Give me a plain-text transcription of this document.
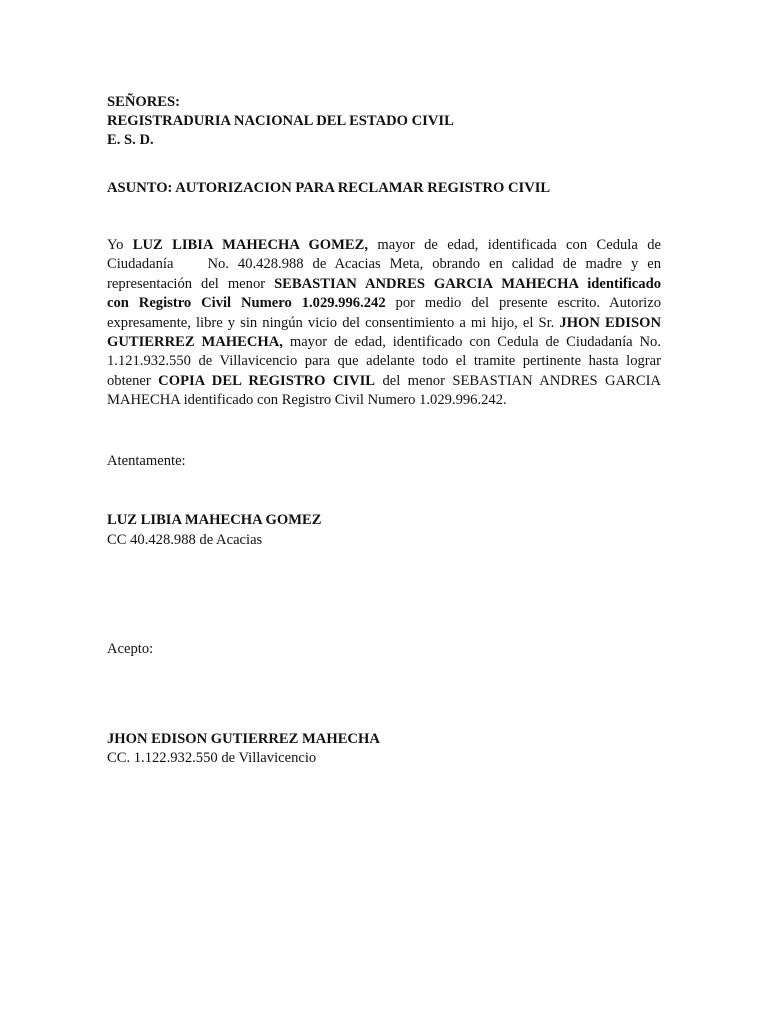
SEÑORES:
REGISTRADURIA NACIONAL DEL ESTADO CIVIL
E. S. D.
ASUNTO: AUTORIZACION PARA RECLAMAR REGISTRO CIVIL
Yo LUZ LIBIA MAHECHA GOMEZ, mayor de edad, identificada con Cedula de
Ciudadanía No. 40.428.988 de Acacias Meta, obrando en calidad de madre y en
representación del menor SEBASTIAN ANDRES GARCIA MAHECHA identificado
con Registro Civil Numero 1.029.996.242 por medio del presente escrito. Autorizo
expresamente, libre y sin ningún vicio del consentimiento a mi hijo, el Sr. JHON EDISON
GUTIERREZ MAHECHA, mayor de edad, identificado con Cedula de Ciudadanía No.
1.121.932.550 de Villavicencio para que adelante todo el tramite pertinente hasta lograr
obtener COPIA DEL REGISTRO CIVIL del menor SEBASTIAN ANDRES GARCIA
MAHECHA identificado con Registro Civil Numero 1.029.996.242.
Atentamente:
LUZ LIBIA MAHECHA GOMEZ
CC 40.428.988 de Acacias
Acepto:
JHON EDISON GUTIERREZ MAHECHA
CC. 1.122.932.550 de Villavicencio
